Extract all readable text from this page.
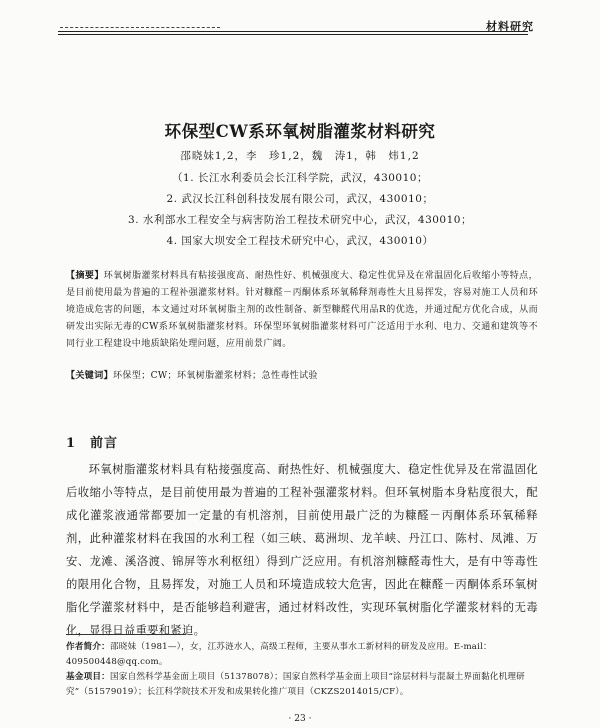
材料研究
环保型CW系环氧树脂灌浆材料研究
邵晓妹1,2，李　珍1,2，魏　涛1，韩　炜1,2
（1. 长江水利委员会长江科学院，武汉，430010；
2. 武汉长江科创科技发展有限公司，武汉，430010；
3. 水利部水工程安全与病害防治工程技术研究中心，武汉，430010；
4. 国家大坝安全工程技术研究中心，武汉，430010）
【摘要】环氧树脂灌浆材料具有粘接强度高、耐热性好、机械强度大、稳定性优异及在常温固化后收缩小等特点，是目前使用最为普遍的工程补强灌浆材料。针对糠醛－丙酮体系环氧稀释剂毒性大且易挥发，容易对施工人员和环境造成危害的问题，本文通过对环氧树脂主剂的改性制备、新型糠醛代用品R的优选，并通过配方优化合成，从而研发出实际无毒的CW系环氧树脂灌浆材料。环保型环氧树脂灌浆材料可广泛适用于水利、电力、交通和建筑等不同行业工程建设中地质缺陷处理问题，应用前景广阔。
【关键词】环保型；CW；环氧树脂灌浆材料；急性毒性试验
1 前言
环氧树脂灌浆材料具有粘接强度高、耐热性好、机械强度大、稳定性优异及在常温固化后收缩小等特点，是目前使用最为普遍的工程补强灌浆材料。但环氧树脂本身粘度很大，配成化灌浆液通常都要加一定量的有机溶剂，目前使用最广泛的为糠醛－丙酮体系环氧稀释剂，此种灌浆材料在我国的水利工程（如三峡、葛洲坝、龙羊峡、丹江口、陈村、凤滩、万安、龙滩、溪洛渡、锦屏等水利枢纽）得到广泛应用。有机溶剂糠醛毒性大，是有中等毒性的限用化合物，且易挥发，对施工人员和环境造成较大危害，因此在糠醛－丙酮体系环氧树脂化学灌浆材料中，是否能够趋利避害，通过材料改性，实现环氧树脂化学灌浆材料的无毒化，显得日益重要和紧迫。

作者简介：邵晓妹（1981—），女，江苏涟水人，高级工程师，主要从事水工新材料的研发及应用。E-mail：409500448@qq.com。

基金项目：国家自然科学基金面上项目（51378078）；国家自然科学基金面上项目“涂层材料与混凝土界面黏化机理研究”（51579019）；长江科学院技术开发和成果转化推广项目（CKZS2014015/CF）。

· 23 ·
